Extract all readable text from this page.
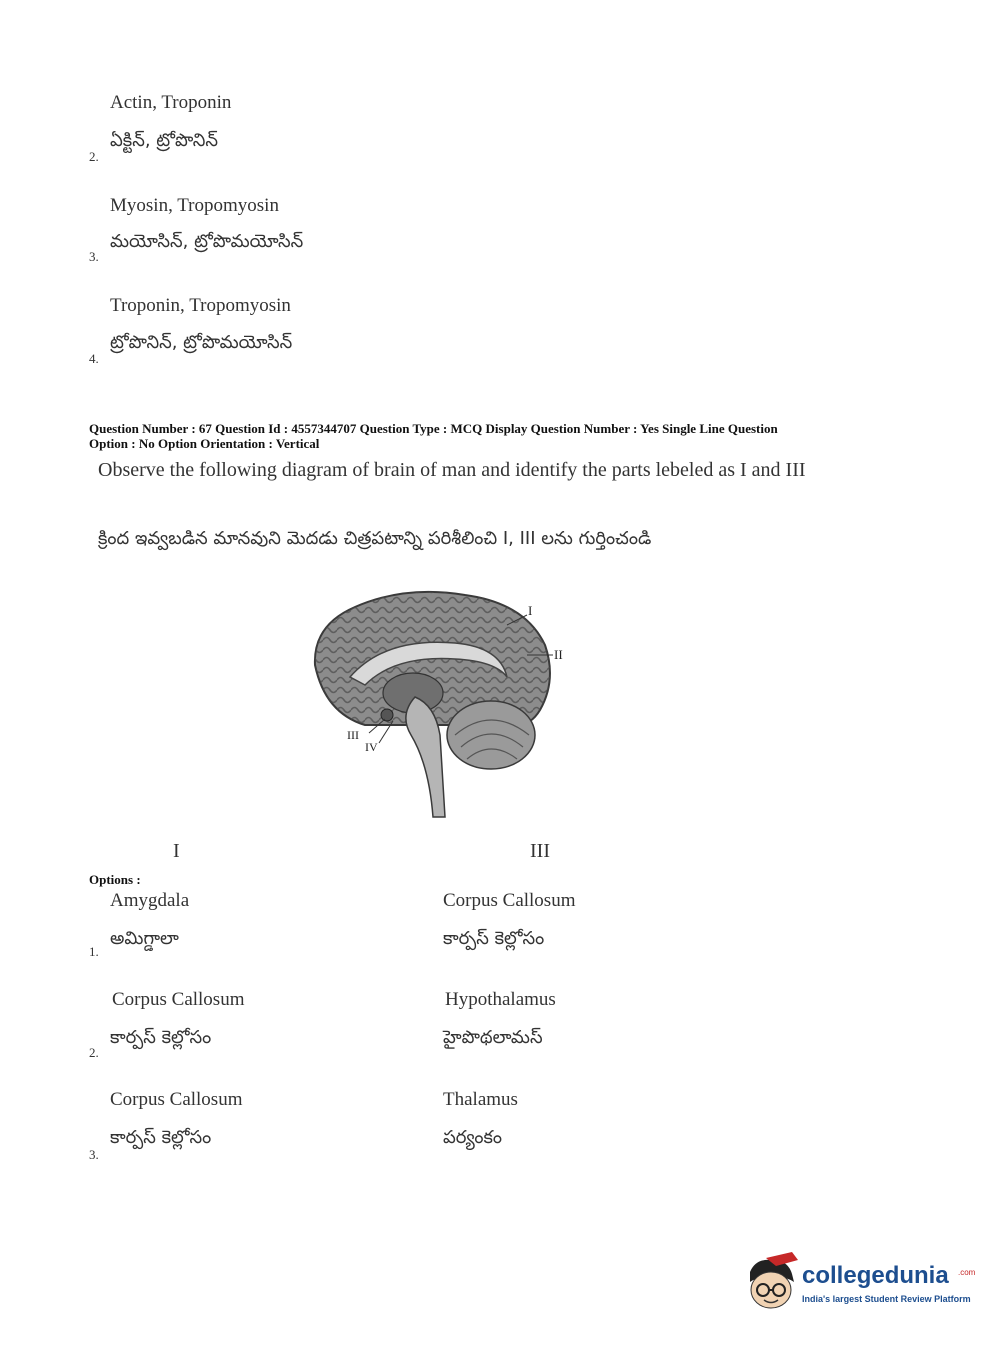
Actin, Troponin
ఏక్టిన్, ట్రోపొనిన్
2.
Myosin, Tropomyosin
మయోసిన్, ట్రోపొమయోసిన్
3.
Troponin, Tropomyosin
ట్రోపొనిన్, ట్రోపొమయోసిన్
4.
Question Number : 67 Question Id : 4557344707 Question Type : MCQ Display Question Number : Yes Single Line Question
Option : No Option Orientation : Vertical
Observe the following diagram of brain of man and identify the parts lebeled as I and III
క్రింద ఇవ్వబడిన మానవుని మెదడు చిత్రపటాన్ని పరిశీలించి I, III లను గుర్తించండి
I
II
III
IV
I	III
Options :
Amygdala
అమిగ్డాలా
Corpus Callosum
కార్పస్ కెల్లోసం
1.
Corpus Callosum
కార్పస్ కెల్లోసం
Hypothalamus
హైపొథలామస్
2.
Corpus Callosum
కార్పస్ కెల్లోసం
Thalamus
పర్యంకం
3.
collegedunia .com
India's largest Student Review Platform
